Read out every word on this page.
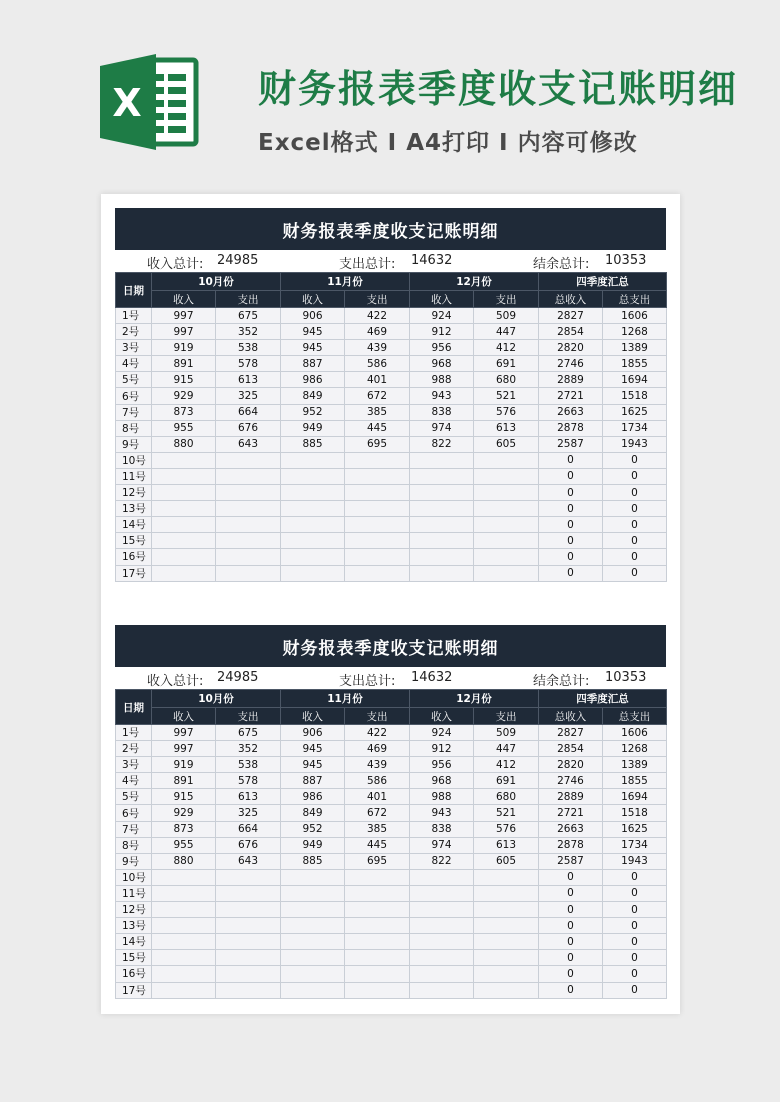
X	财务报表季度收支记账明细
Excel格式 Ⅰ A4打印 Ⅰ 内容可修改
财务报表季度收支记账明细
收入总计: 24985	支出总计: 14632	结余总计: 10353
日期	10月份		11月份		12月份		四季度汇总	
	收入	支出	收入	支出	收入	支出	总收入	总支出
1号	997	675	906	422	924	509	2827	1606
2号	997	352	945	469	912	447	2854	1268
3号	919	538	945	439	956	412	2820	1389
4号	891	578	887	586	968	691	2746	1855
5号	915	613	986	401	988	680	2889	1694
6号	929	325	849	672	943	521	2721	1518
7号	873	664	952	385	838	576	2663	1625
8号	955	676	949	445	974	613	2878	1734
9号	880	643	885	695	822	605	2587	1943
10号							0	0
11号							0	0
12号							0	0
13号							0	0
14号							0	0
15号							0	0
16号							0	0
17号							0	0
财务报表季度收支记账明细
收入总计: 24985	支出总计: 14632	结余总计: 10353
日期	10月份		11月份		12月份		四季度汇总	
	收入	支出	收入	支出	收入	支出	总收入	总支出
1号	997	675	906	422	924	509	2827	1606
2号	997	352	945	469	912	447	2854	1268
3号	919	538	945	439	956	412	2820	1389
4号	891	578	887	586	968	691	2746	1855
5号	915	613	986	401	988	680	2889	1694
6号	929	325	849	672	943	521	2721	1518
7号	873	664	952	385	838	576	2663	1625
8号	955	676	949	445	974	613	2878	1734
9号	880	643	885	695	822	605	2587	1943
10号							0	0
11号							0	0
12号							0	0
13号							0	0
14号							0	0
15号							0	0
16号							0	0
17号							0	0
